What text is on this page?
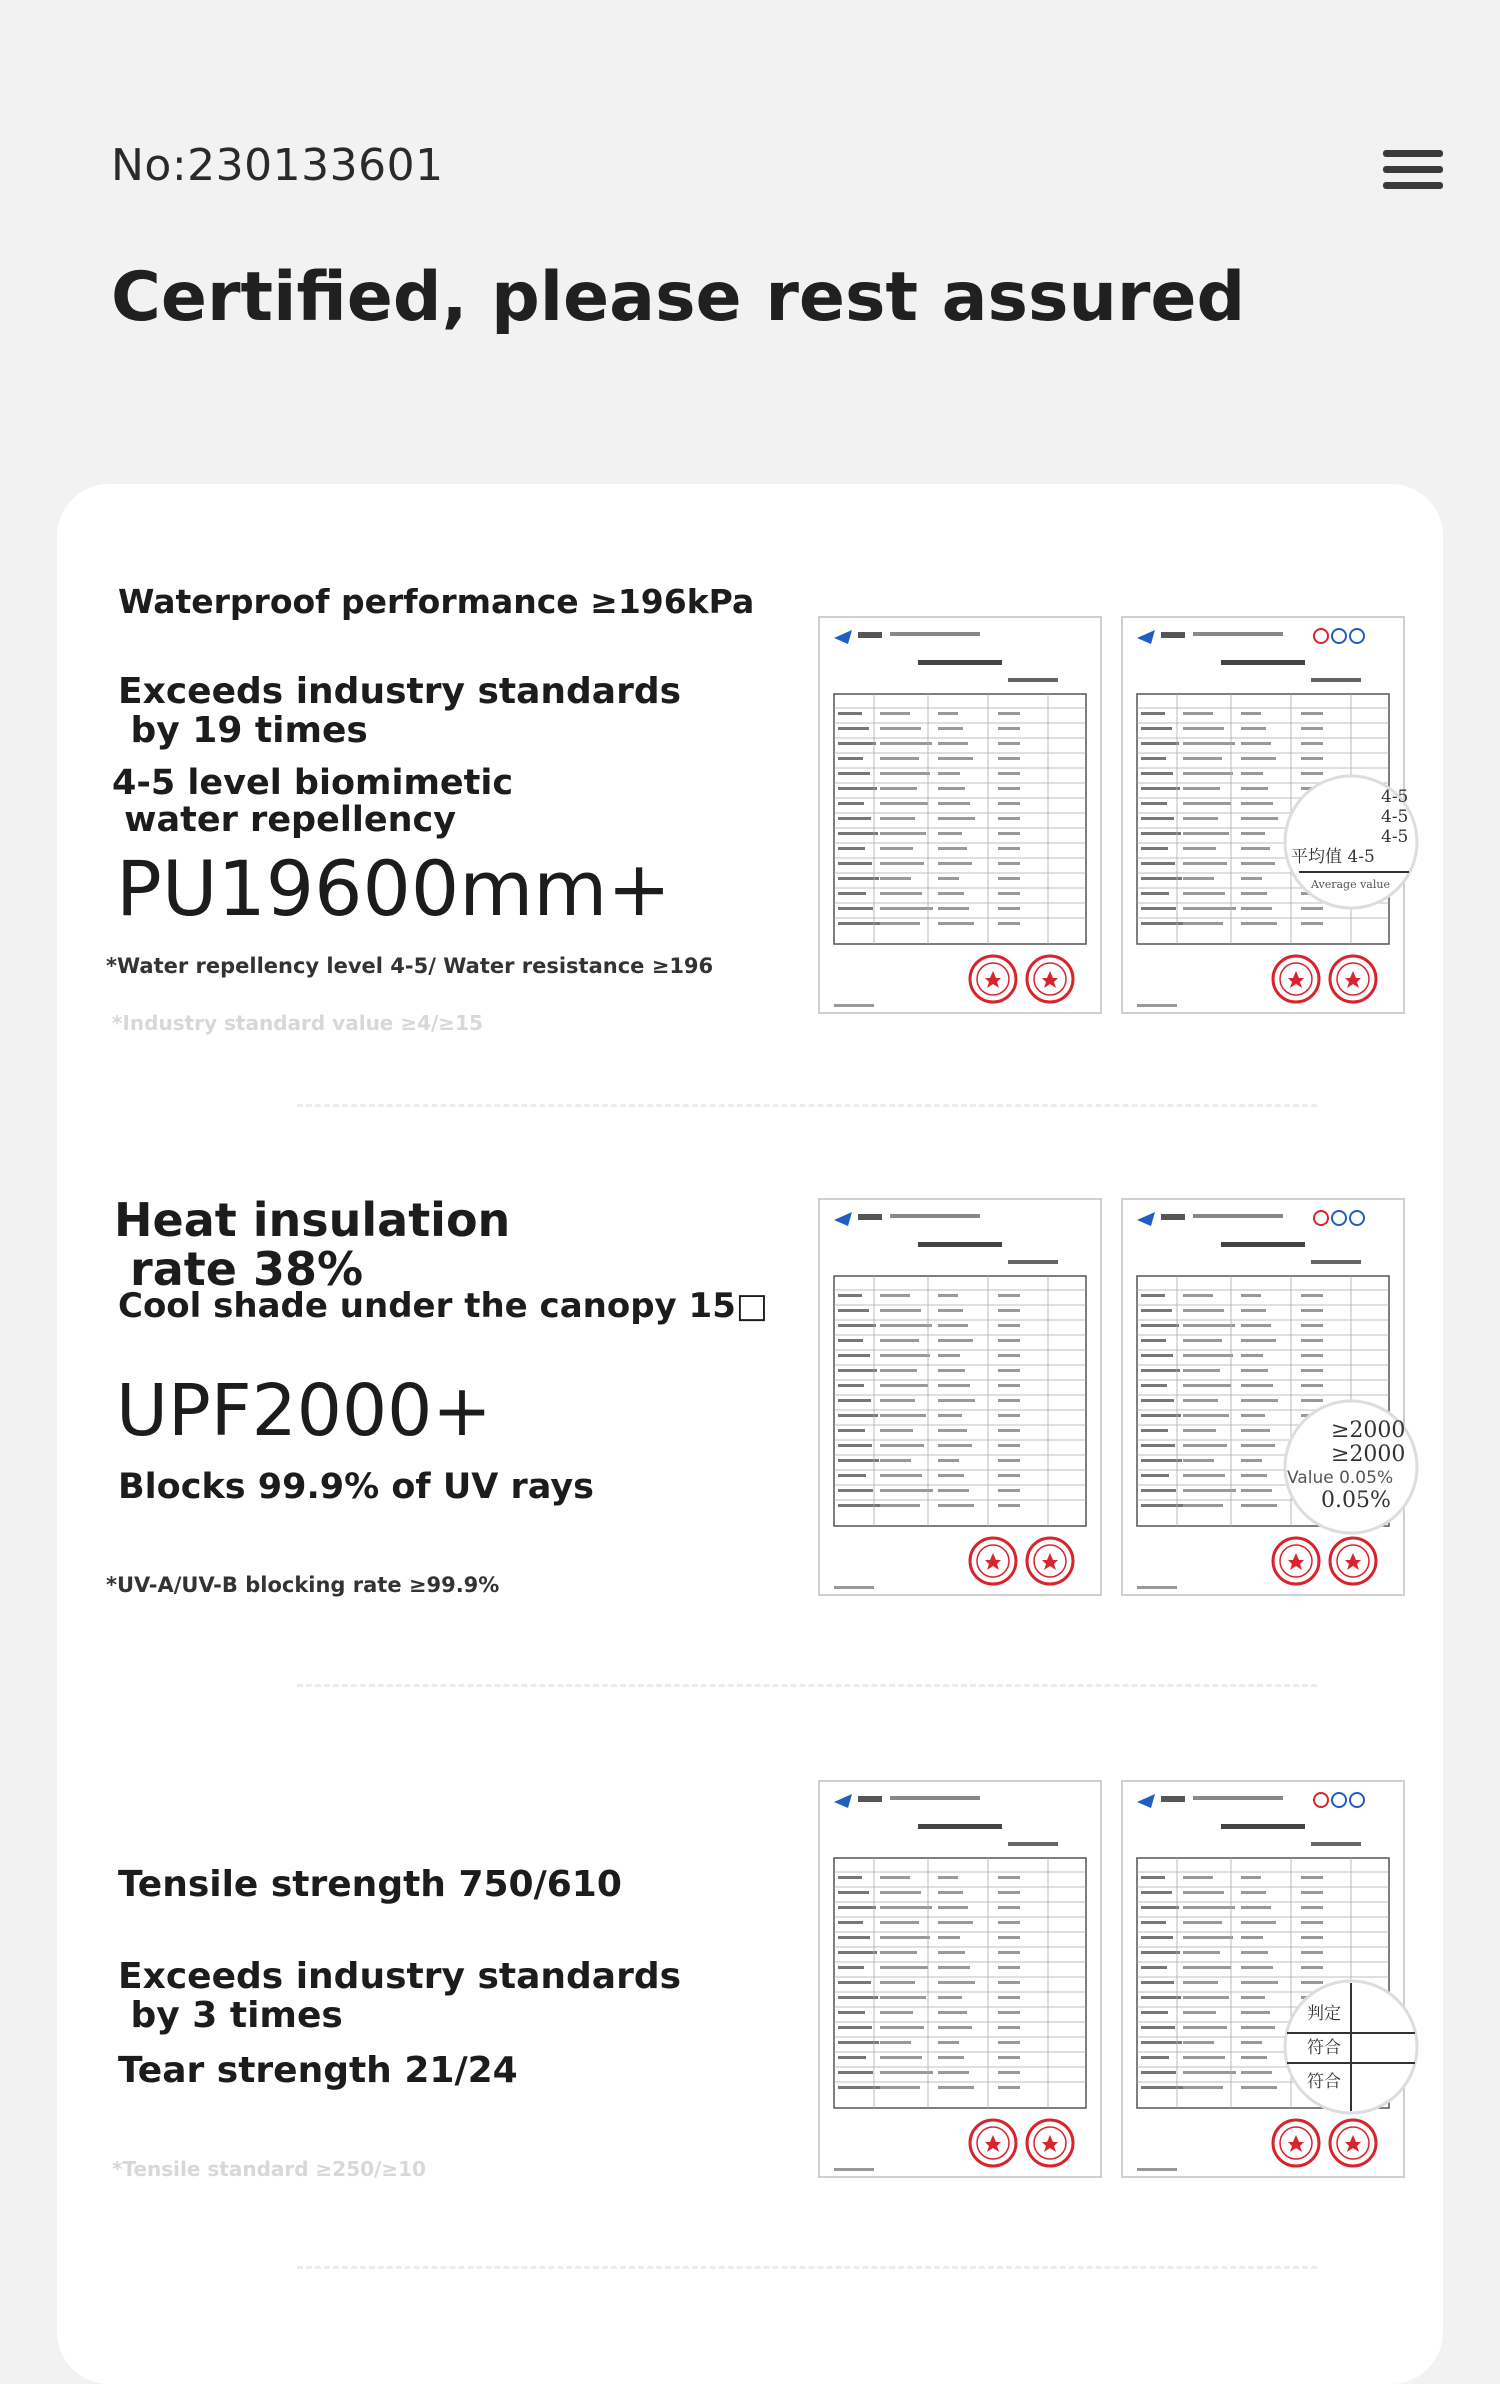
No:230133601
Certified, please rest assured
Waterproof performance ≥196kPa
Exceeds industry standards
by 19 times
4-5 level biomimetic
water repellency
PU19600mm+
*Water repellency level 4-5/ Water resistance ≥196
*Industry standard value ≥4/≥15
4-5
4-5
4-5
平均值 4-5
Average value
Heat insulation
rate 38%
Cool shade under the canopy 15□
UPF2000+
Blocks 99.9% of UV rays
*UV-A/UV-B blocking rate ≥99.9%
≥2000
≥2000
Value 0.05%
0.05%
Tensile strength 750/610
Exceeds industry standards
by 3 times
Tear strength 21/24
*Tensile standard ≥250/≥10
判定
符合
符合
